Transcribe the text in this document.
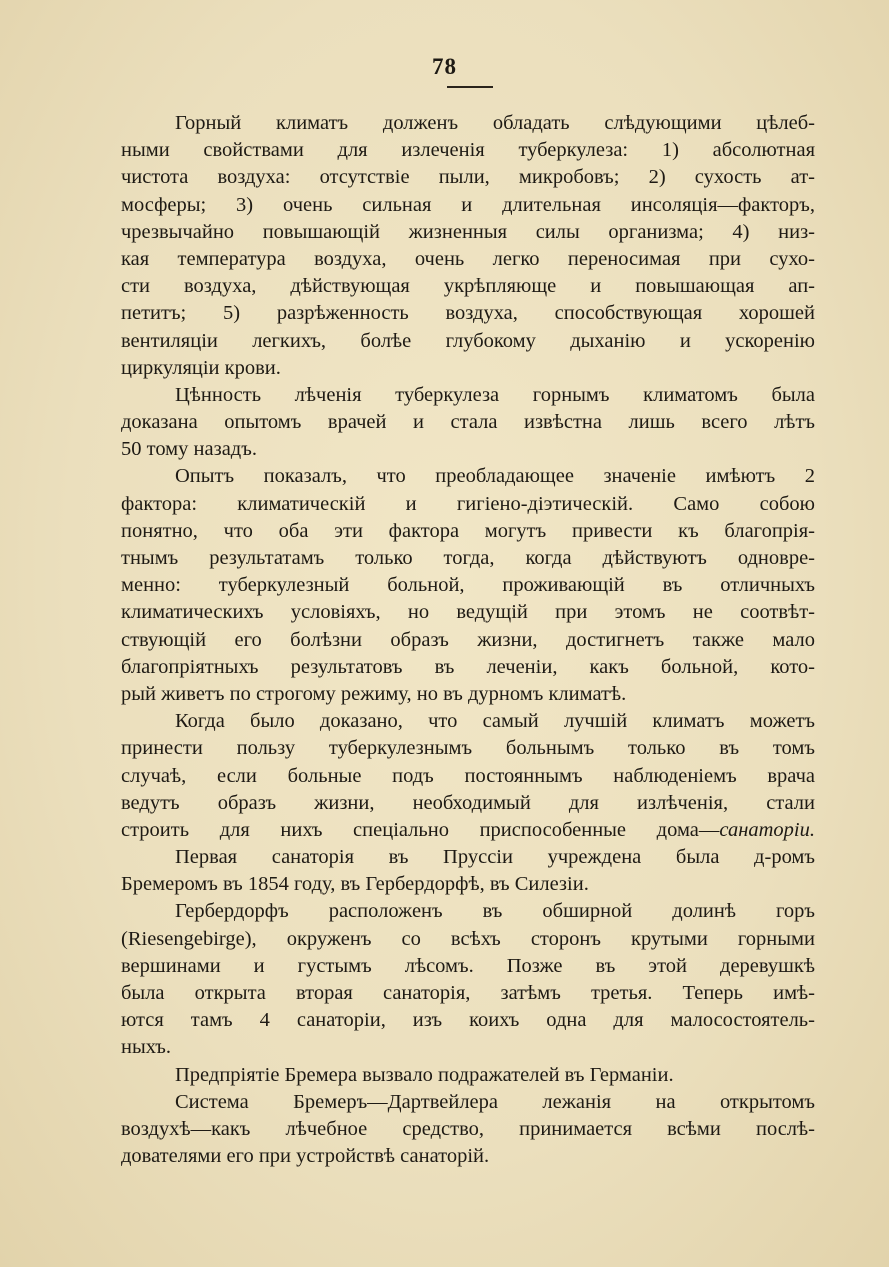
78
Горный климатъ долженъ обладать слѣдующими цѣлеб-
ными свойствами для излеченія туберкулеза: 1) абсолютная
чистота воздуха: отсутствіе пыли, микробовъ; 2) сухость ат-
мосферы; 3) очень сильная и длительная инсоляція—факторъ,
чрезвычайно повышающій жизненныя силы организма; 4) низ-
кая температура воздуха, очень легко переносимая при сухо-
сти воздуха, дѣйствующая укрѣпляюще и повышающая ап-
петитъ; 5) разрѣженность воздуха, способствующая хорошей
вентиляціи легкихъ, болѣе глубокому дыханію и ускоренію
циркуляціи крови.
Цѣнность лѣченія туберкулеза горнымъ климатомъ была
доказана опытомъ врачей и стала извѣстна лишь всего лѣтъ
50 тому назадъ.
Опытъ показалъ, что преобладающее значеніе имѣютъ 2
фактора: климатическій и гигіено-діэтическій. Само собою
понятно, что оба эти фактора могутъ привести къ благопрія-
тнымъ результатамъ только тогда, когда дѣйствуютъ одновре-
менно: туберкулезный больной, проживающій въ отличныхъ
климатическихъ условіяхъ, но ведущій при этомъ не соотвѣт-
ствующій его болѣзни образъ жизни, достигнетъ также мало
благопріятныхъ результатовъ въ леченіи, какъ больной, кото-
рый живетъ по строгому режиму, но въ дурномъ климатѣ.
Когда было доказано, что самый лучшій климатъ можетъ
принести пользу туберкулезнымъ больнымъ только въ томъ
случаѣ, если больные подъ постояннымъ наблюденіемъ врача
ведутъ образъ жизни, необходимый для излѣченія, стали
строить для нихъ спеціально приспособенные дома—санаторіи.
Первая санаторія въ Пруссіи учреждена была д-ромъ
Бремеромъ въ 1854 году, въ Гербердорфѣ, въ Силезіи.
Гербердорфъ расположенъ въ обширной долинѣ горъ
(Riesengebirge), окруженъ со всѣхъ сторонъ крутыми горными
вершинами и густымъ лѣсомъ. Позже въ этой деревушкѣ
была открыта вторая санаторія, затѣмъ третья. Теперь имѣ-
ются тамъ 4 санаторіи, изъ коихъ одна для малосостоятель-
ныхъ.
Предпріятіе Бремера вызвало подражателей въ Германіи.
Система Бремеръ—Дартвейлера лежанія на открытомъ
воздухѣ—какъ лѣчебное средство, принимается всѣми послѣ-
дователями его при устройствѣ санаторій.
